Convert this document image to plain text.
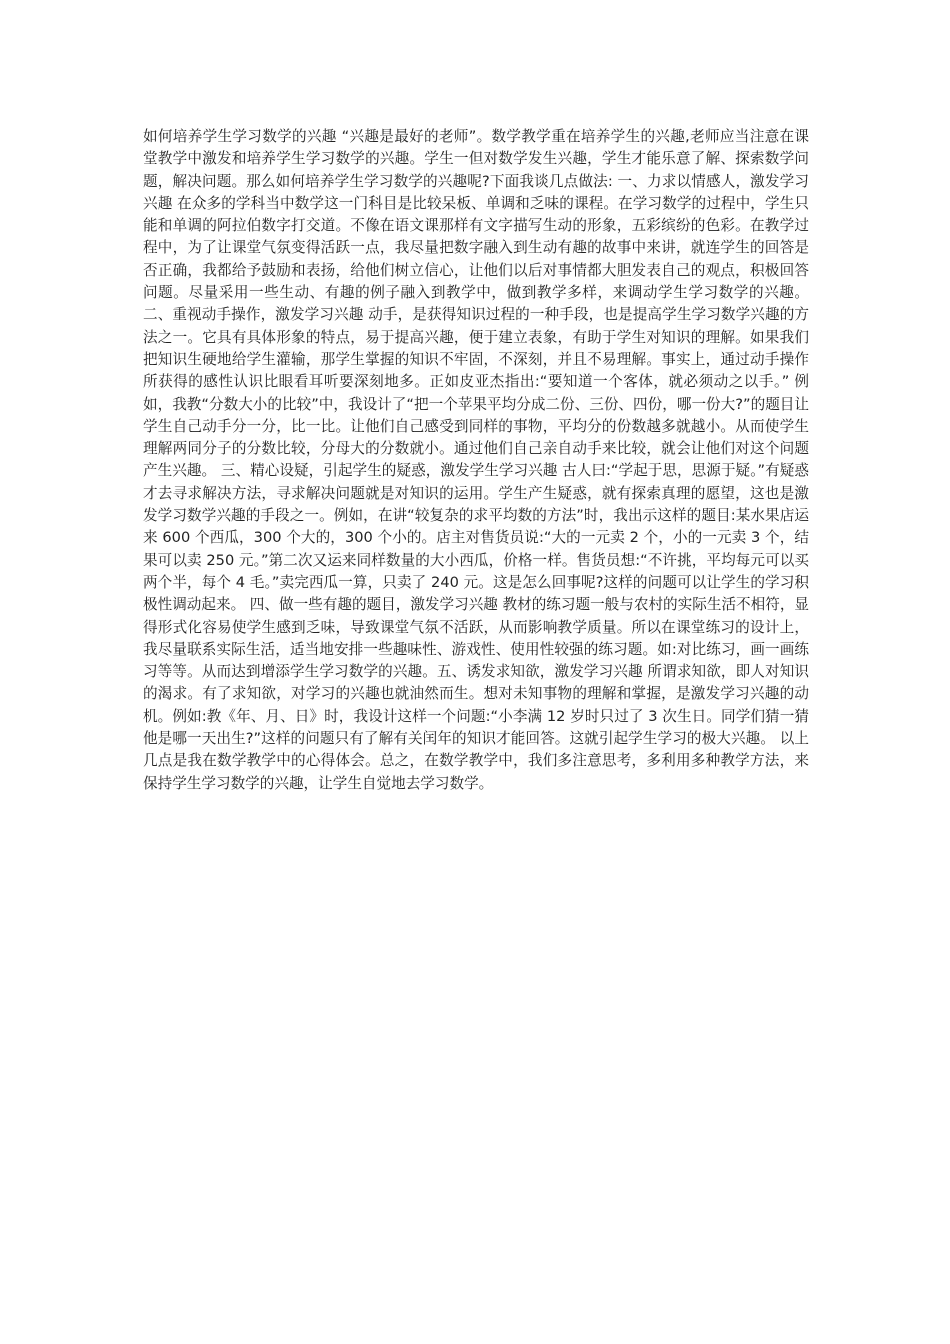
如何培养学生学习数学的兴趣 “兴趣是最好的老师”。数学教学重在培养学生的兴趣,老师应当注意在课堂教学中激发和培养学生学习数学的兴趣。学生一但对数学发生兴趣，学生才能乐意了解、探索数学问题，解决问题。那么如何培养学生学习数学的兴趣呢?下面我谈几点做法: 一、力求以情感人，激发学习兴趣 在众多的学科当中数学这一门科目是比较呆板、单调和乏味的课程。在学习数学的过程中，学生只能和单调的阿拉伯数字打交道。不像在语文课那样有文字描写生动的形象，五彩缤纷的色彩。在教学过程中，为了让课堂气氛变得活跃一点，我尽量把数字融入到生动有趣的故事中来讲，就连学生的回答是否正确，我都给予鼓励和表扬，给他们树立信心，让他们以后对事情都大胆发表自己的观点，积极回答问题。尽量采用一些生动、有趣的例子融入到教学中，做到教学多样，来调动学生学习数学的兴趣。二、重视动手操作，激发学习兴趣 动手，是获得知识过程的一种手段，也是提高学生学习数学兴趣的方法之一。它具有具体形象的特点，易于提高兴趣，便于建立表象，有助于学生对知识的理解。如果我们把知识生硬地给学生灌输，那学生掌握的知识不牢固，不深刻，并且不易理解。事实上，通过动手操作所获得的感性认识比眼看耳听要深刻地多。正如皮亚杰指出:“要知道一个客体，就必须动之以手。” 例如，我教“分数大小的比较”中，我设计了“把一个苹果平均分成二份、三份、四份，哪一份大?”的题目让学生自己动手分一分，比一比。让他们自己感受到同样的事物，平均分的份数越多就越小。从而使学生理解两同分子的分数比较，分母大的分数就小。通过他们自己亲自动手来比较，就会让他们对这个问题产生兴趣。 三、精心设疑，引起学生的疑惑，激发学生学习兴趣 古人曰:“学起于思，思源于疑。”有疑惑才去寻求解决方法，寻求解决问题就是对知识的运用。学生产生疑惑，就有探索真理的愿望，这也是激发学习数学兴趣的手段之一。例如，在讲“较复杂的求平均数的方法”时，我出示这样的题目:某水果店运来 600 个西瓜，300 个大的，300 个小的。店主对售货员说:“大的一元卖 2 个，小的一元卖 3 个，结果可以卖 250 元。”第二次又运来同样数量的大小西瓜，价格一样。售货员想:“不许挑，平均每元可以买两个半，每个 4 毛。”卖完西瓜一算，只卖了 240 元。这是怎么回事呢?这样的问题可以让学生的学习积极性调动起来。 四、做一些有趣的题目，激发学习兴趣 教材的练习题一般与农村的实际生活不相符，显得形式化容易使学生感到乏味，导致课堂气氛不活跃，从而影响教学质量。所以在课堂练习的设计上，我尽量联系实际生活，适当地安排一些趣味性、游戏性、使用性较强的练习题。如:对比练习，画一画练习等等。从而达到增添学生学习数学的兴趣。五、诱发求知欲，激发学习兴趣 所谓求知欲，即人对知识的渴求。有了求知欲，对学习的兴趣也就油然而生。想对未知事物的理解和掌握，是激发学习兴趣的动机。例如:教《年、月、日》时，我设计这样一个问题:“小李满 12 岁时只过了 3 次生日。同学们猜一猜他是哪一天出生?”这样的问题只有了解有关闰年的知识才能回答。这就引起学生学习的极大兴趣。 以上几点是我在数学教学中的心得体会。总之，在数学教学中，我们多注意思考，多利用多种教学方法，来保持学生学习数学的兴趣，让学生自觉地去学习数学。
